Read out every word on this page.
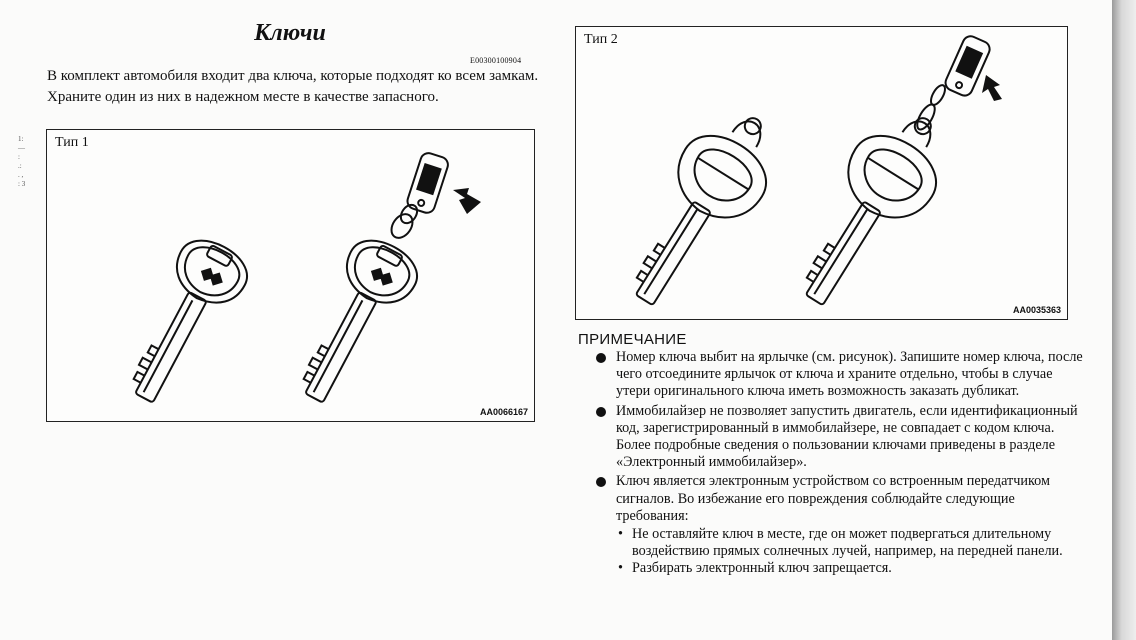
1:
—
:
.:
. ,
: 3
Ключи
E00300100904
В комплект автомобиля входит два ключа, которые подходят ко всем замкам. Храните один из них в надежном месте в качестве запасного.
Тип 1
AA0066167
Тип 2
AA0035363
ПРИМЕЧАНИЕ
Номер ключа выбит на ярлычке (см. рисунок). Запишите номер ключа, после чего отсоедините ярлычок от ключа и храните отдельно, чтобы в случае утери оригинального ключа иметь возможность заказать дубликат.
Иммобилайзер не позволяет запустить двигатель, если идентификационный код, зарегистрированный в иммобилайзере, не совпадает с кодом ключа. Более подробные сведения о пользовании ключами приведены в разделе «Электронный иммобилайзер».
Ключ является электронным устройством со встроенным передатчиком сигналов. Во избежание его повреждения соблюдайте следующие требования:
• Не оставляйте ключ в месте, где он может подвергаться длительному воздействию прямых солнечных лучей, например, на передней панели.
• Разбирать электронный ключ запрещается.
